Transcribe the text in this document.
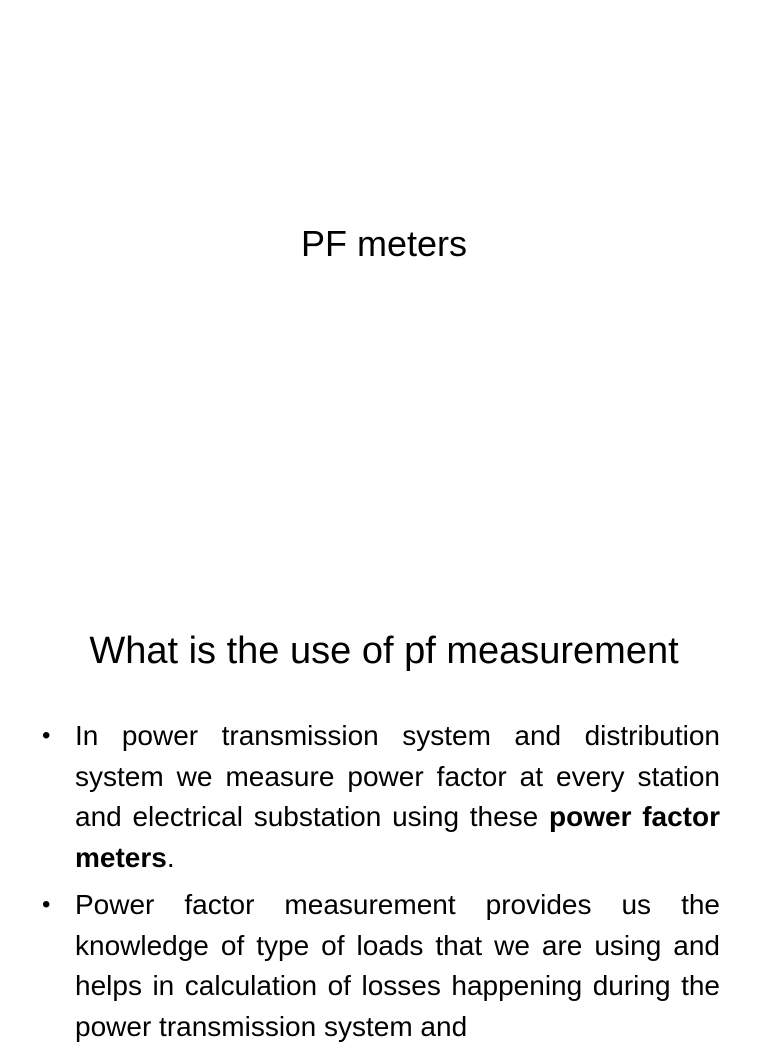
PF meters
What is the use of pf measurement
• In power transmission system and distribution system we measure power factor at every station and electrical substation using these power factor meters.
• Power factor measurement provides us the knowledge of type of loads that we are using and helps in calculation of losses happening during the power transmission system and
